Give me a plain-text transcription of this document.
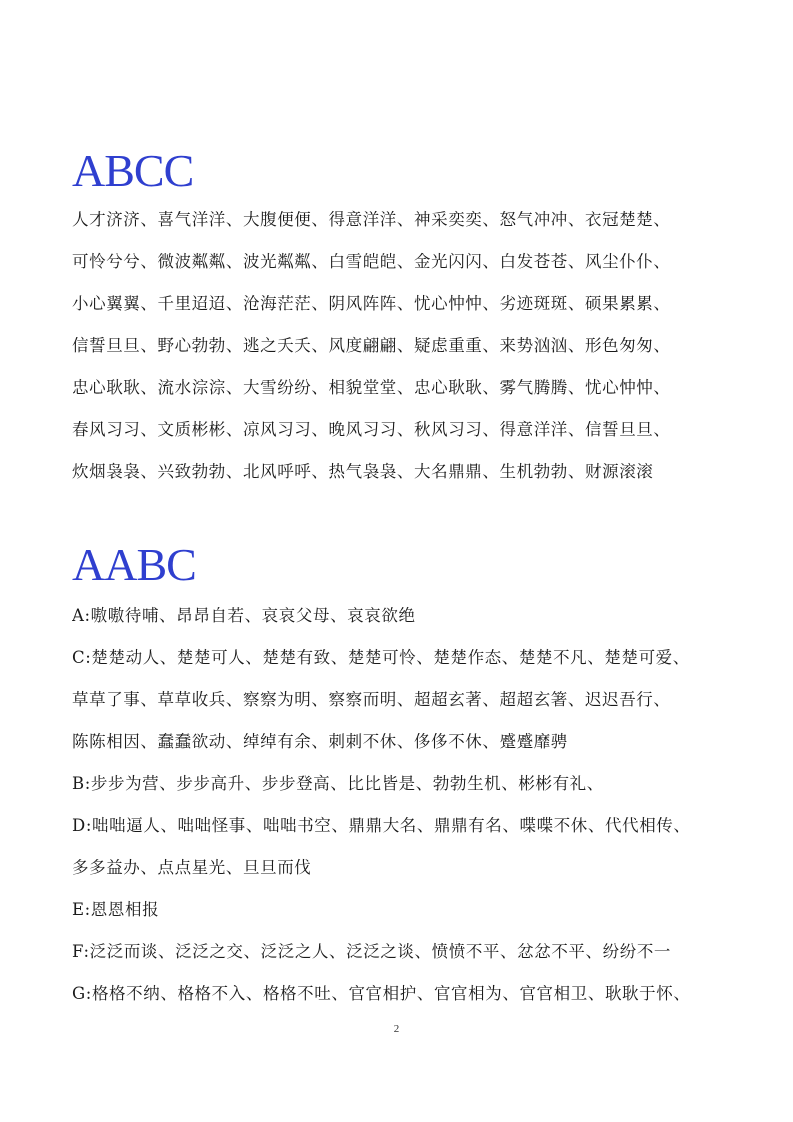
ABCC
人才济济、喜气洋洋、大腹便便、得意洋洋、神采奕奕、怒气冲冲、衣冠楚楚、
可怜兮兮、微波粼粼、波光粼粼、白雪皑皑、金光闪闪、白发苍苍、风尘仆仆、
小心翼翼、千里迢迢、沧海茫茫、阴风阵阵、忧心忡忡、劣迹斑斑、硕果累累、
信誓旦旦、野心勃勃、逃之夭夭、风度翩翩、疑虑重重、来势汹汹、形色匆匆、
忠心耿耿、流水淙淙、大雪纷纷、相貌堂堂、忠心耿耿、雾气腾腾、忧心忡忡、
春风习习、文质彬彬、凉风习习、晚风习习、秋风习习、得意洋洋、信誓旦旦、
炊烟袅袅、兴致勃勃、北风呼呼、热气袅袅、大名鼎鼎、生机勃勃、财源滚滚
AABC
A:嗷嗷待哺、昂昂自若、哀哀父母、哀哀欲绝
C:楚楚动人、楚楚可人、楚楚有致、楚楚可怜、楚楚作态、楚楚不凡、楚楚可爱、
草草了事、草草收兵、察察为明、察察而明、超超玄著、超超玄箸、迟迟吾行、
陈陈相因、蠢蠢欲动、绰绰有余、刺刺不休、侈侈不休、蹙蹙靡骋
B:步步为营、步步高升、步步登高、比比皆是、勃勃生机、彬彬有礼、
D:咄咄逼人、咄咄怪事、咄咄书空、鼎鼎大名、鼎鼎有名、喋喋不休、代代相传、
多多益办、点点星光、旦旦而伐
E:恩恩相报
F:泛泛而谈、泛泛之交、泛泛之人、泛泛之谈、愤愤不平、忿忿不平、纷纷不一
G:格格不纳、格格不入、格格不吐、官官相护、官官相为、官官相卫、耿耿于怀、
2
